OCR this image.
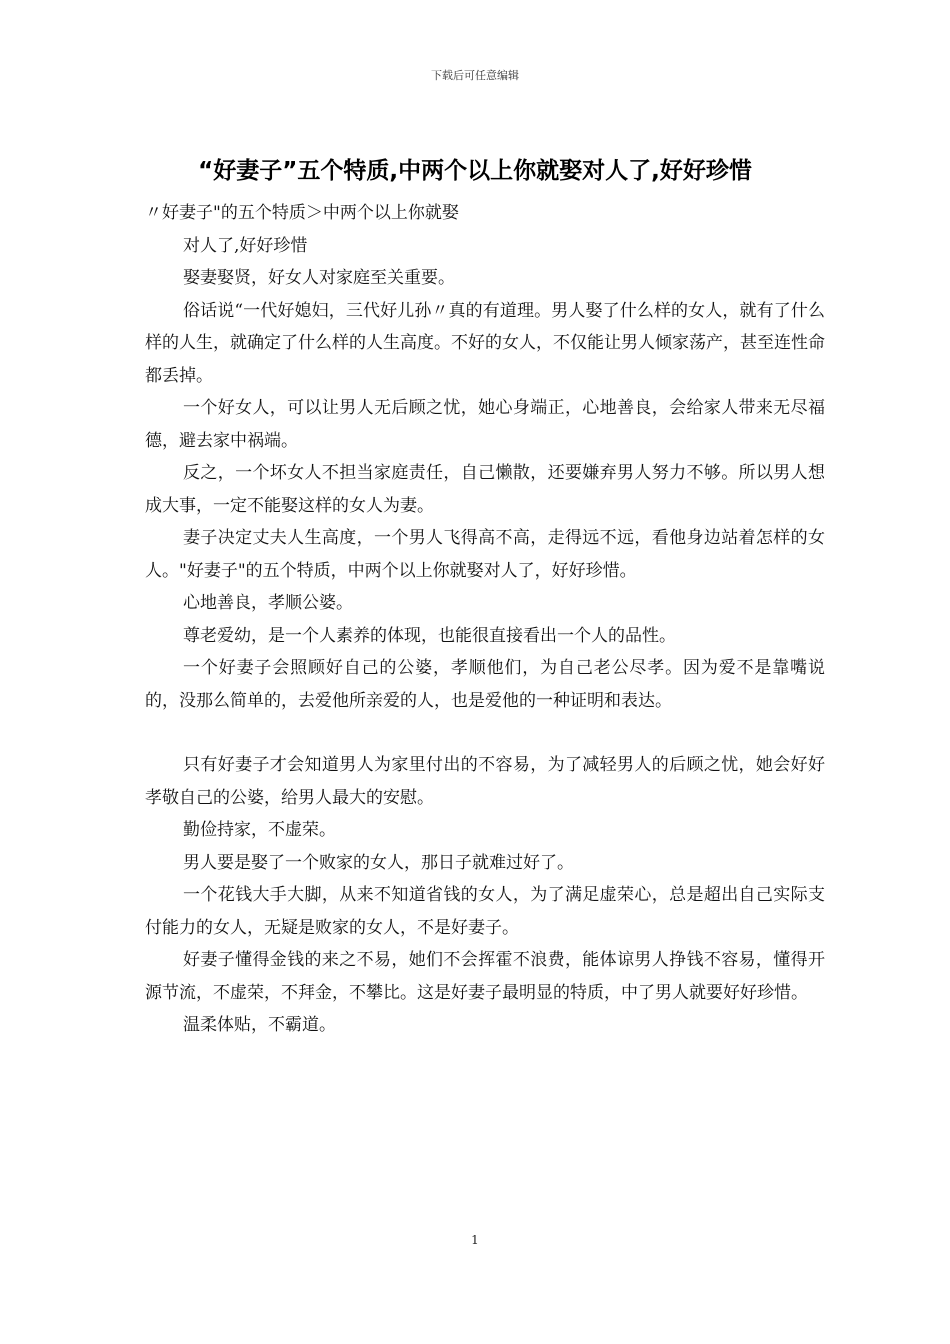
下载后可任意编辑
“好妻子”五个特质,中两个以上你就娶对人了,好好珍惜

〃好妻子"的五个特质＞中两个以上你就娶

对人了,好好珍惜

娶妻娶贤，好女人对家庭至关重要。

俗话说“一代好媳妇，三代好儿孙〃真的有道理。男人娶了什么样的女人，就有了什么样的人生，就确定了什么样的人生高度。不好的女人，不仅能让男人倾家荡产，甚至连性命都丢掉。

一个好女人，可以让男人无后顾之忧，她心身端正，心地善良，会给家人带来无尽福德，避去家中祸端。

反之，一个坏女人不担当家庭责任，自己懒散，还要嫌弃男人努力不够。所以男人想成大事，一定不能娶这样的女人为妻。

妻子决定丈夫人生高度，一个男人飞得高不高，走得远不远，看他身边站着怎样的女人。"好妻子"的五个特质，中两个以上你就娶对人了，好好珍惜。

心地善良，孝顺公婆。

尊老爱幼，是一个人素养的体现，也能很直接看出一个人的品性。

一个好妻子会照顾好自己的公婆，孝顺他们，为自己老公尽孝。因为爱不是靠嘴说的，没那么简单的，去爱他所亲爱的人，也是爱他的一种证明和表达。

只有好妻子才会知道男人为家里付出的不容易，为了减轻男人的后顾之忧，她会好好孝敬自己的公婆，给男人最大的安慰。

勤俭持家，不虚荣。

男人要是娶了一个败家的女人，那日子就难过好了。

一个花钱大手大脚，从来不知道省钱的女人，为了满足虚荣心，总是超出自己实际支付能力的女人，无疑是败家的女人，不是好妻子。

好妻子懂得金钱的来之不易，她们不会挥霍不浪费，能体谅男人挣钱不容易，懂得开源节流，不虚荣，不拜金，不攀比。这是好妻子最明显的特质，中了男人就要好好珍惜。

温柔体贴，不霸道。

1
